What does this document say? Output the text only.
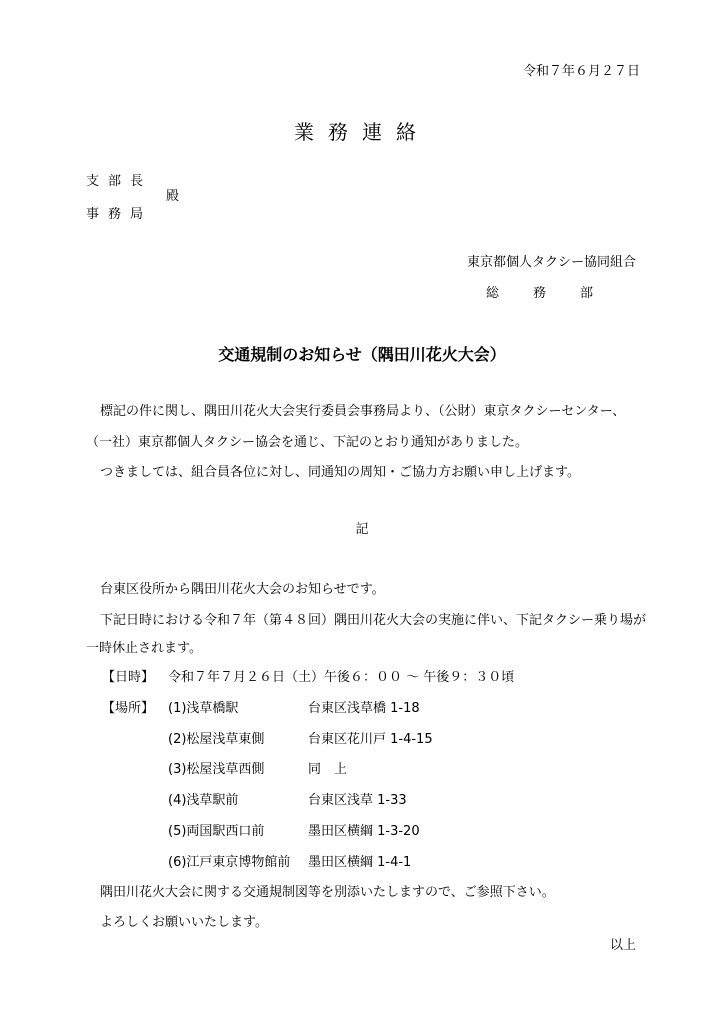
令和７年６月２７日
業務連絡
支部長
事務局
殿
東京都個人タクシー協同組合
総務部
交通規制のお知らせ（隅田川花火大会）
標記の件に関し、隅田川花火大会実行委員会事務局より、（公財）東京タクシーセンター、
（一社）東京都個人タクシー協会を通じ、下記のとおり通知がありました。
つきましては、組合員各位に対し、同通知の周知・ご協力方お願い申し上げます。
記
台東区役所から隅田川花火大会のお知らせです。
下記日時における令和７年（第４８回）隅田川花火大会の実施に伴い、下記タクシー乗り場が
一時休止されます。
【日時】 令和７年７月２６日（土）午後６：００ ～ 午後９：３０頃
【場所】 (1)浅草橋駅	台東区浅草橋 1-18
(2)松屋浅草東側	台東区花川戸 1-4-15
(3)松屋浅草西側	同　上
(4)浅草駅前	台東区浅草 1-33
(5)両国駅西口前	墨田区横綱 1-3-20
(6)江戸東京博物館前 墨田区横綱 1-4-1
隅田川花火大会に関する交通規制図等を別添いたしますので、ご参照下さい。
よろしくお願いいたします。
以上
